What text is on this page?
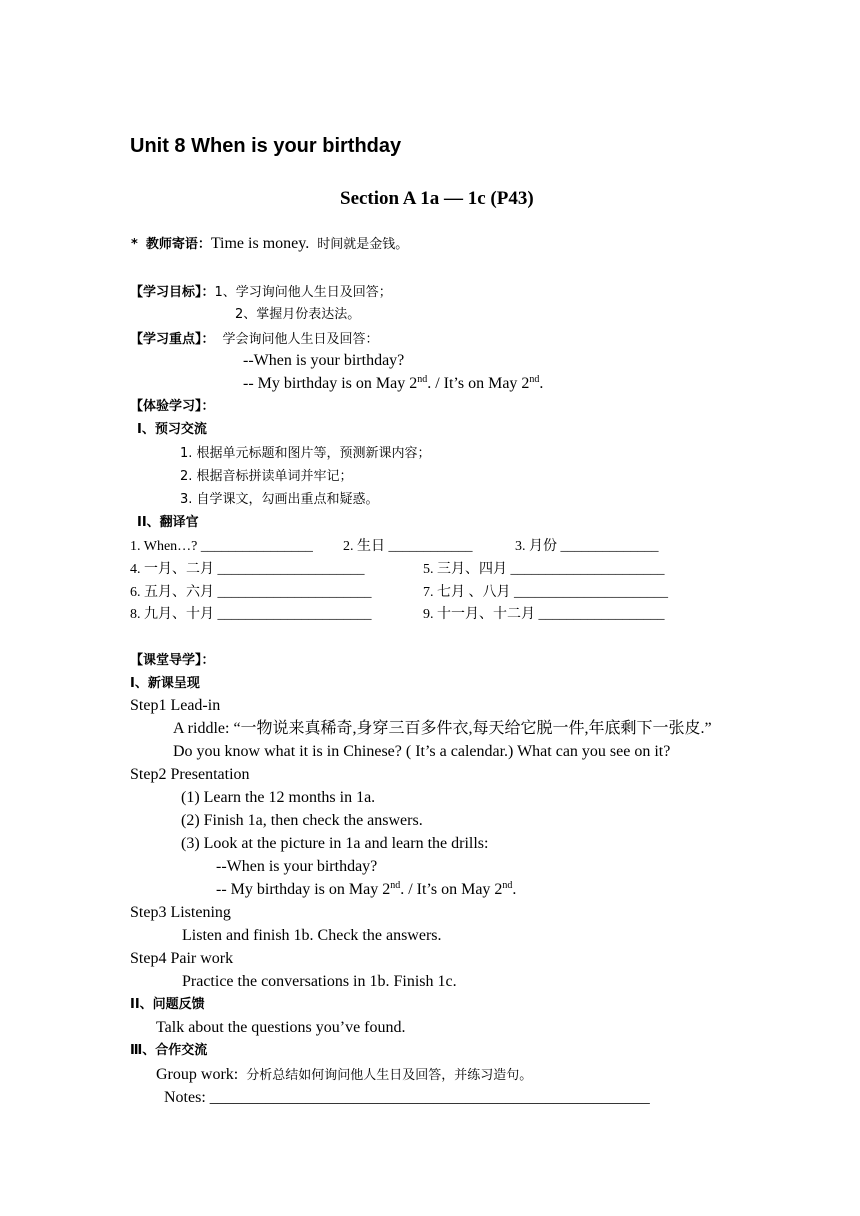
Unit 8 When is your birthday
Section A 1a — 1c (P43)
* 教师寄语：Time is money. 时间就是金钱。
【学习目标】：1、学习询问他人生日及回答；
2、掌握月份表达法。
【学习重点】： 学会询问他人生日及回答：
--When is your birthday?
-- My birthday is on May 2nd. / It’s on May 2nd.
【体验学习】：
I、预习交流
1. 根据单元标题和图片等，预测新课内容；
2. 根据音标拼读单词并牢记；
3. 自学课文，勾画出重点和疑惑。
II、翻译官
1. When…? ________________ 2. 生日 ____________	3. 月份 ______________
4. 一月、二月 _____________________	5. 三月、四月 ______________________
6. 五月、六月 ______________________	7. 七月 、八月 ______________________
8. 九月、十月 ______________________	9. 十一月、十二月 __________________
【课堂导学】：
I、新课呈现
Step1 Lead-in
A riddle: “一物说来真稀奇,身穿三百多件衣,每天给它脱一件,年底剩下一张皮.”
Do you know what it is in Chinese? ( It’s a calendar.) What can you see on it?
Step2 Presentation
(1) Learn the 12 months in 1a.
(2) Finish 1a, then check the answers.
(3) Look at the picture in 1a and learn the drills:
--When is your birthday?
-- My birthday is on May 2nd. / It’s on May 2nd.
Step3 Listening
Listen and finish 1b. Check the answers.
Step4 Pair work
Practice the conversations in 1b. Finish 1c.
II、问题反馈
Talk about the questions you’ve found.
Ⅲ、合作交流
Group work: 分析总结如何询问他人生日及回答，并练习造句。
Notes: _______________________________________________________
